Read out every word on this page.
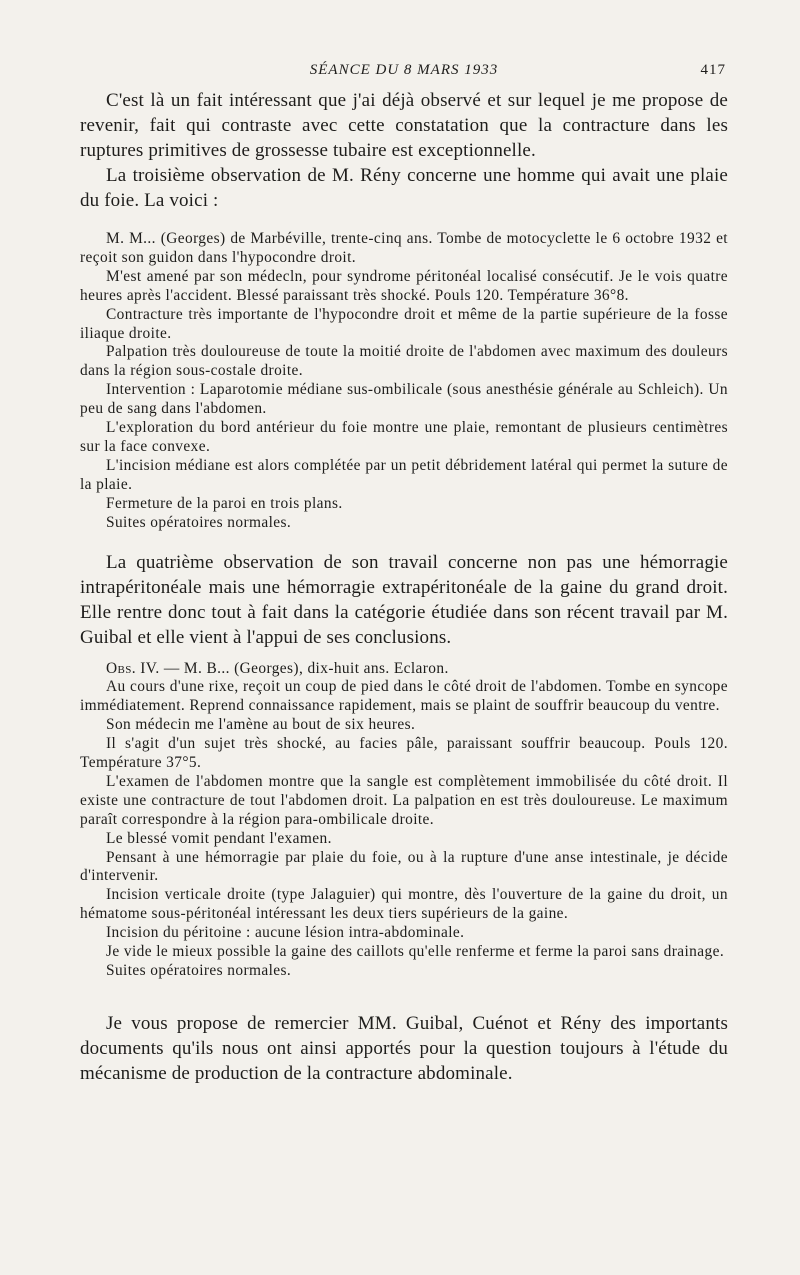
SÉANCE DU 8 MARS 1933	417

C'est là un fait intéressant que j'ai déjà observé et sur lequel je me propose de revenir, fait qui contraste avec cette constatation que la contracture dans les ruptures primitives de grossesse tubaire est exceptionnelle.

La troisième observation de M. Rény concerne une homme qui avait une plaie du foie. La voici :

M. M... (Georges) de Marbéville, trente-cinq ans. Tombe de motocyclette le 6 octobre 1932 et reçoit son guidon dans l'hypocondre droit.

M'est amené par son médecln, pour syndrome péritonéal localisé consécutif. Je le vois quatre heures après l'accident. Blessé paraissant très shocké. Pouls 120. Température 36°8.

Contracture très importante de l'hypocondre droit et même de la partie supérieure de la fosse iliaque droite.

Palpation très douloureuse de toute la moitié droite de l'abdomen avec maximum des douleurs dans la région sous-costale droite.

Intervention : Laparotomie médiane sus-ombilicale (sous anesthésie générale au Schleich). Un peu de sang dans l'abdomen.

L'exploration du bord antérieur du foie montre une plaie, remontant de plusieurs centimètres sur la face convexe.

L'incision médiane est alors complétée par un petit débridement latéral qui permet la suture de la plaie.

Fermeture de la paroi en trois plans.

Suites opératoires normales.

La quatrième observation de son travail concerne non pas une hémorragie intrapéritonéale mais une hémorragie extrapéritonéale de la gaine du grand droit. Elle rentre donc tout à fait dans la catégorie étudiée dans son récent travail par M. Guibal et elle vient à l'appui de ses conclusions.

Obs. IV. — M. B... (Georges), dix-huit ans. Eclaron.

Au cours d'une rixe, reçoit un coup de pied dans le côté droit de l'abdomen. Tombe en syncope immédiatement. Reprend connaissance rapidement, mais se plaint de souffrir beaucoup du ventre.

Son médecin me l'amène au bout de six heures.

Il s'agit d'un sujet très shocké, au facies pâle, paraissant souffrir beaucoup. Pouls 120. Température 37°5.

L'examen de l'abdomen montre que la sangle est complètement immobilisée du côté droit. Il existe une contracture de tout l'abdomen droit. La palpation en est très douloureuse. Le maximum paraît correspondre à la région para-ombilicale droite.

Le blessé vomit pendant l'examen.

Pensant à une hémorragie par plaie du foie, ou à la rupture d'une anse intestinale, je décide d'intervenir.

Incision verticale droite (type Jalaguier) qui montre, dès l'ouverture de la gaine du droit, un hématome sous-péritonéal intéressant les deux tiers supérieurs de la gaine.

Incision du péritoine : aucune lésion intra-abdominale.

Je vide le mieux possible la gaine des caillots qu'elle renferme et ferme la paroi sans drainage.

Suites opératoires normales.

Je vous propose de remercier MM. Guibal, Cuénot et Rény des importants documents qu'ils nous ont ainsi apportés pour la question toujours à l'étude du mécanisme de production de la contracture abdominale.
